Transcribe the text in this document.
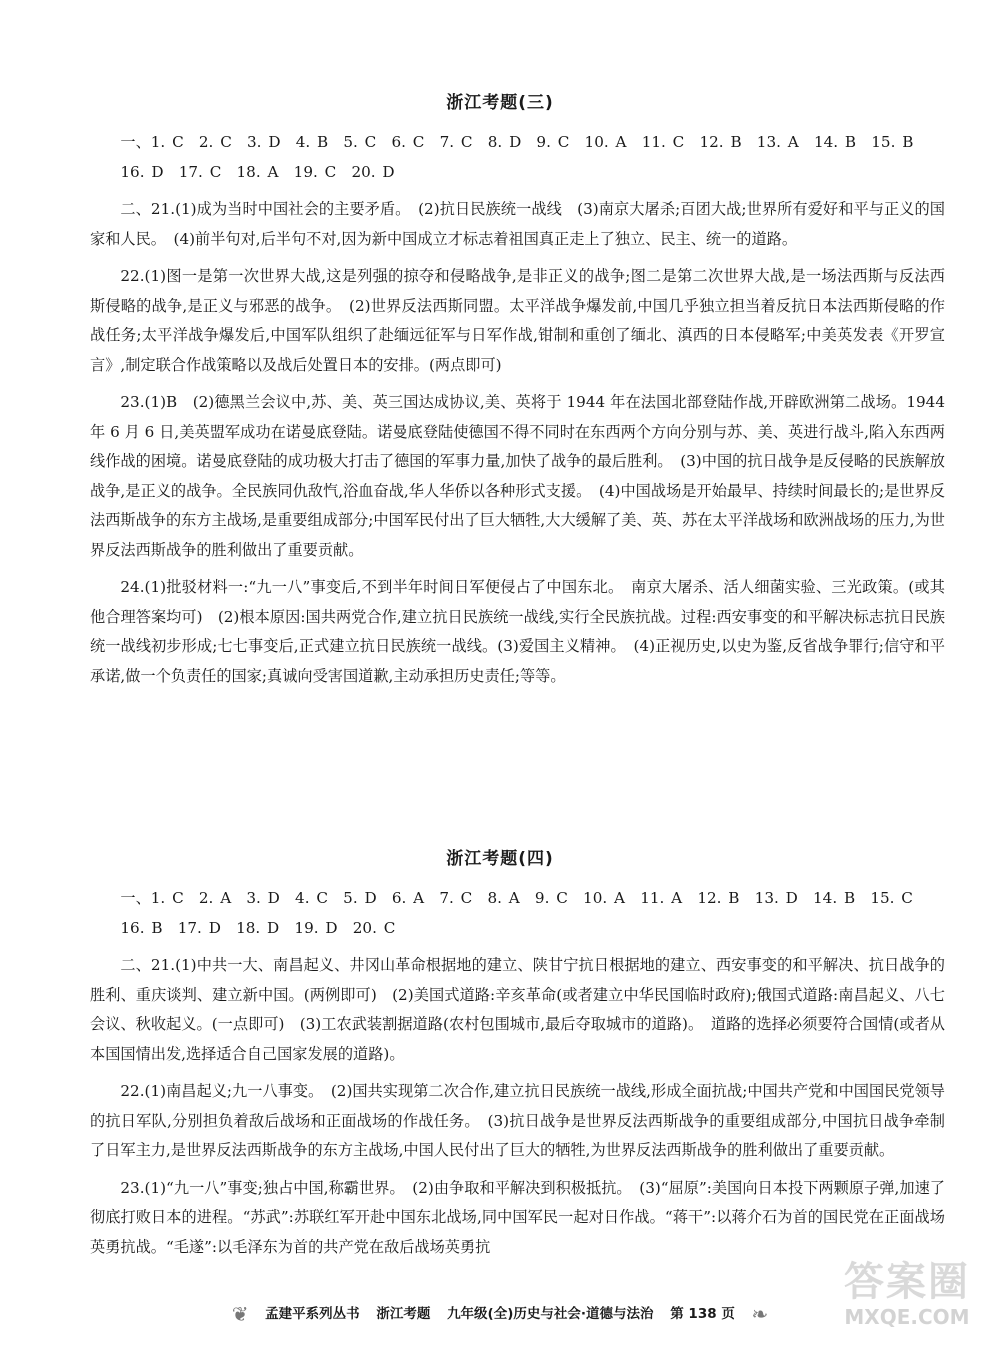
浙江考题(三)

一、1. C　2. C　3. D　4. B　5. C　6. C　7. C　8. D　9. C　10. A　11. C　12. B　13. A　14. B　15. B

16. D　17. C　18. A　19. C　20. D

二、21.(1)成为当时中国社会的主要矛盾。　(2)抗日民族统一战线　(3)南京大屠杀;百团大战;世界所有爱好和平与正义的国家和人民。　(4)前半句对,后半句不对,因为新中国成立才标志着祖国真正走上了独立、民主、统一的道路。

22.(1)图一是第一次世界大战,这是列强的掠夺和侵略战争,是非正义的战争;图二是第二次世界大战,是一场法西斯与反法西斯侵略的战争,是正义与邪恶的战争。　(2)世界反法西斯同盟。太平洋战争爆发前,中国几乎独立担当着反抗日本法西斯侵略的作战任务;太平洋战争爆发后,中国军队组织了赴缅远征军与日军作战,钳制和重创了缅北、滇西的日本侵略军;中美英发表《开罗宣言》,制定联合作战策略以及战后处置日本的安排。(两点即可)

23.(1)B　(2)德黑兰会议中,苏、美、英三国达成协议,美、英将于 1944 年在法国北部登陆作战,开辟欧洲第二战场。1944 年 6 月 6 日,美英盟军成功在诺曼底登陆。诺曼底登陆使德国不得不同时在东西两个方向分别与苏、美、英进行战斗,陷入东西两线作战的困境。诺曼底登陆的成功极大打击了德国的军事力量,加快了战争的最后胜利。　(3)中国的抗日战争是反侵略的民族解放战争,是正义的战争。全民族同仇敌忾,浴血奋战,华人华侨以各种形式支援。　(4)中国战场是开始最早、持续时间最长的;是世界反法西斯战争的东方主战场,是重要组成部分;中国军民付出了巨大牺牲,大大缓解了美、英、苏在太平洋战场和欧洲战场的压力,为世界反法西斯战争的胜利做出了重要贡献。

24.(1)批驳材料一:“九一八”事变后,不到半年时间日军便侵占了中国东北。　南京大屠杀、活人细菌实验、三光政策。(或其他合理答案均可)　(2)根本原因:国共两党合作,建立抗日民族统一战线,实行全民族抗战。过程:西安事变的和平解决标志抗日民族统一战线初步形成;七七事变后,正式建立抗日民族统一战线。(3)爱国主义精神。　(4)正视历史,以史为鉴,反省战争罪行;信守和平承诺,做一个负责任的国家;真诚向受害国道歉,主动承担历史责任;等等。

浙江考题(四)

一、1. C　2. A　3. D　4. C　5. D　6. A　7. C　8. A　9. C　10. A　11. A　12. B　13. D　14. B　15. C

16. B　17. D　18. D　19. D　20. C

二、21.(1)中共一大、南昌起义、井冈山革命根据地的建立、陕甘宁抗日根据地的建立、西安事变的和平解决、抗日战争的胜利、重庆谈判、建立新中国。(两例即可)　(2)美国式道路:辛亥革命(或者建立中华民国临时政府);俄国式道路:南昌起义、八七会议、秋收起义。(一点即可)　(3)工农武装割据道路(农村包围城市,最后夺取城市的道路)。　道路的选择必须要符合国情(或者从本国国情出发,选择适合自己国家发展的道路)。

22.(1)南昌起义;九一八事变。　(2)国共实现第二次合作,建立抗日民族统一战线,形成全面抗战;中国共产党和中国国民党领导的抗日军队,分别担负着敌后战场和正面战场的作战任务。　(3)抗日战争是世界反法西斯战争的重要组成部分,中国抗日战争牵制了日军主力,是世界反法西斯战争的东方主战场,中国人民付出了巨大的牺牲,为世界反法西斯战争的胜利做出了重要贡献。

23.(1)“九一八”事变;独占中国,称霸世界。　(2)由争取和平解决到积极抵抗。　(3)“屈原”:美国向日本投下两颗原子弹,加速了彻底打败日本的进程。“苏武”:苏联红军开赴中国东北战场,同中国军民一起对日作战。“蒋干”:以蒋介石为首的国民党在正面战场英勇抗战。“毛遂”:以毛泽东为首的共产党在敌后战场英勇抗

❦ 孟建平系列丛书 浙江考题 九年级(全)历史与社会·道德与法治 第 138 页 ❧
答案圈
MXQE.COM
